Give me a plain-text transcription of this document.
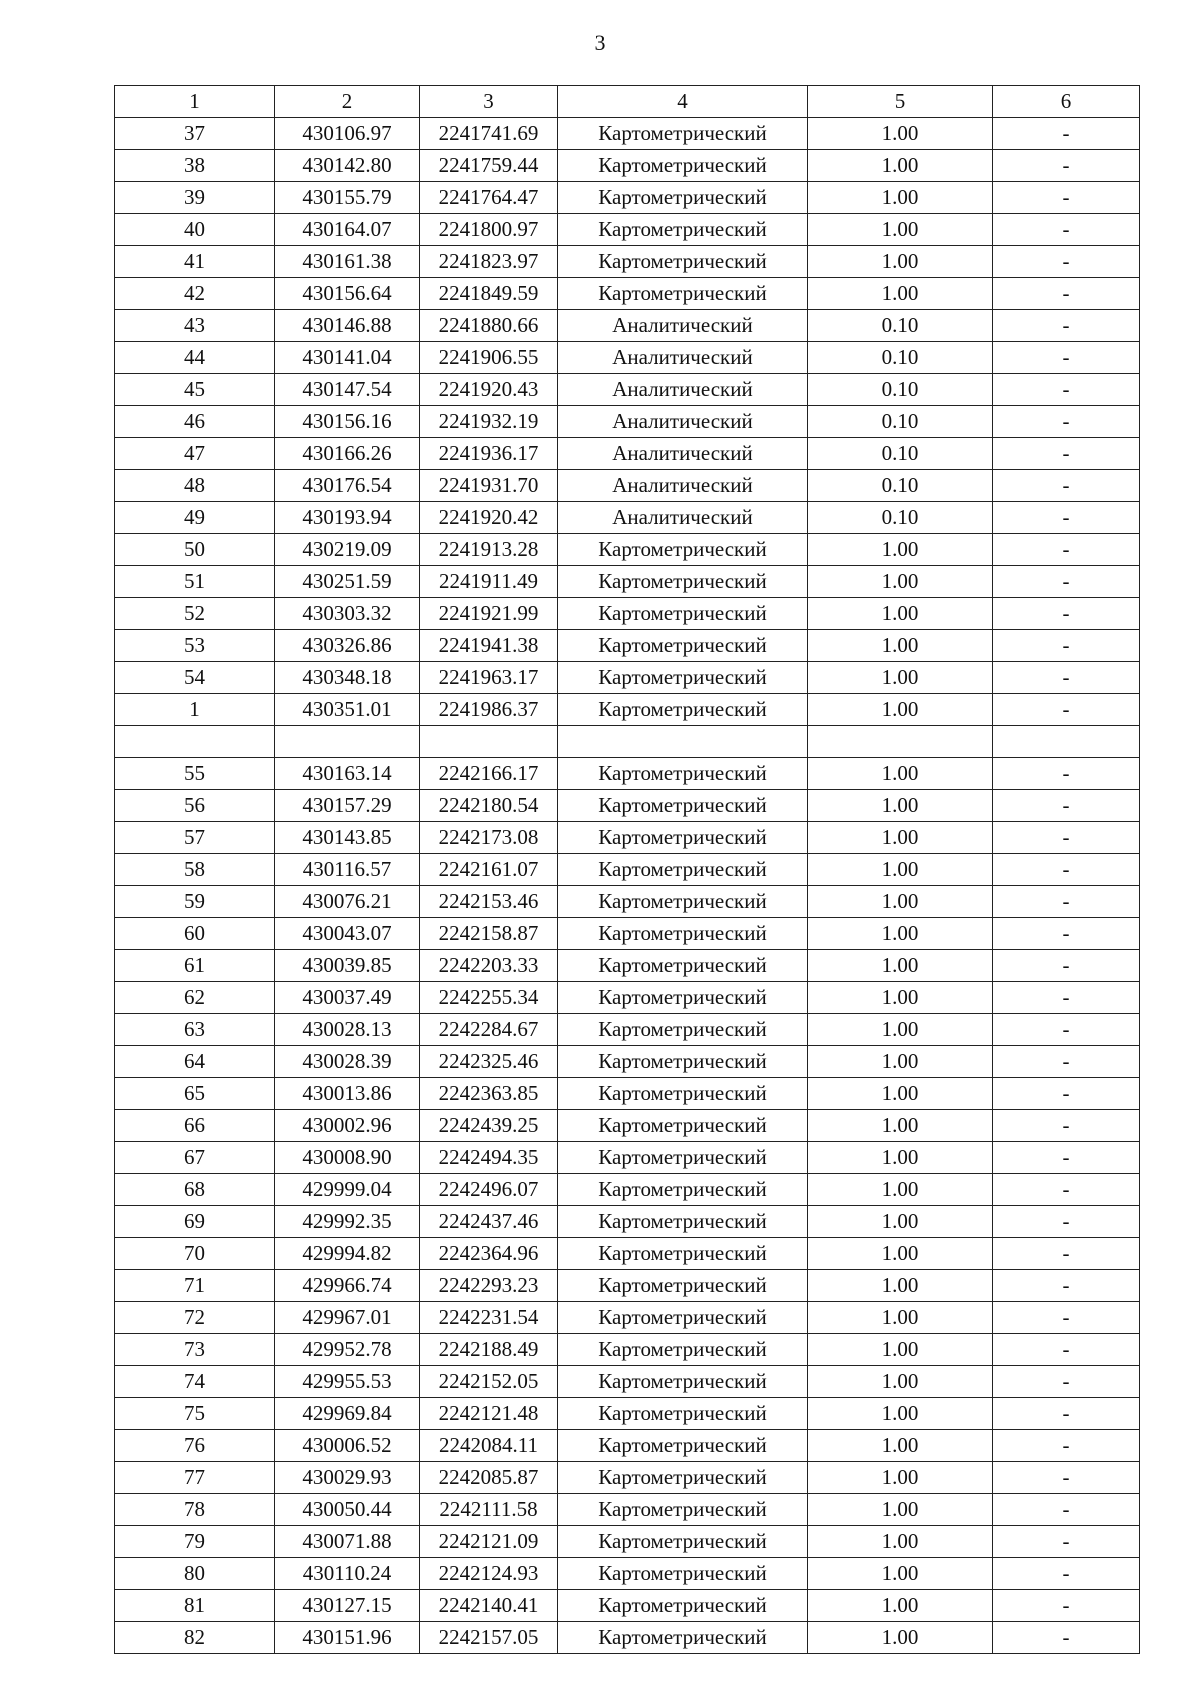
3
1	2	3	4	5	6
37	430106.97	2241741.69	Картометрический	1.00	-
38	430142.80	2241759.44	Картометрический	1.00	-
39	430155.79	2241764.47	Картометрический	1.00	-
40	430164.07	2241800.97	Картометрический	1.00	-
41	430161.38	2241823.97	Картометрический	1.00	-
42	430156.64	2241849.59	Картометрический	1.00	-
43	430146.88	2241880.66	Аналитический	0.10	-
44	430141.04	2241906.55	Аналитический	0.10	-
45	430147.54	2241920.43	Аналитический	0.10	-
46	430156.16	2241932.19	Аналитический	0.10	-
47	430166.26	2241936.17	Аналитический	0.10	-
48	430176.54	2241931.70	Аналитический	0.10	-
49	430193.94	2241920.42	Аналитический	0.10	-
50	430219.09	2241913.28	Картометрический	1.00	-
51	430251.59	2241911.49	Картометрический	1.00	-
52	430303.32	2241921.99	Картометрический	1.00	-
53	430326.86	2241941.38	Картометрический	1.00	-
54	430348.18	2241963.17	Картометрический	1.00	-
1	430351.01	2241986.37	Картометрический	1.00	-

55	430163.14	2242166.17	Картометрический	1.00	-
56	430157.29	2242180.54	Картометрический	1.00	-
57	430143.85	2242173.08	Картометрический	1.00	-
58	430116.57	2242161.07	Картометрический	1.00	-
59	430076.21	2242153.46	Картометрический	1.00	-
60	430043.07	2242158.87	Картометрический	1.00	-
61	430039.85	2242203.33	Картометрический	1.00	-
62	430037.49	2242255.34	Картометрический	1.00	-
63	430028.13	2242284.67	Картометрический	1.00	-
64	430028.39	2242325.46	Картометрический	1.00	-
65	430013.86	2242363.85	Картометрический	1.00	-
66	430002.96	2242439.25	Картометрический	1.00	-
67	430008.90	2242494.35	Картометрический	1.00	-
68	429999.04	2242496.07	Картометрический	1.00	-
69	429992.35	2242437.46	Картометрический	1.00	-
70	429994.82	2242364.96	Картометрический	1.00	-
71	429966.74	2242293.23	Картометрический	1.00	-
72	429967.01	2242231.54	Картометрический	1.00	-
73	429952.78	2242188.49	Картометрический	1.00	-
74	429955.53	2242152.05	Картометрический	1.00	-
75	429969.84	2242121.48	Картометрический	1.00	-
76	430006.52	2242084.11	Картометрический	1.00	-
77	430029.93	2242085.87	Картометрический	1.00	-
78	430050.44	2242111.58	Картометрический	1.00	-
79	430071.88	2242121.09	Картометрический	1.00	-
80	430110.24	2242124.93	Картометрический	1.00	-
81	430127.15	2242140.41	Картометрический	1.00	-
82	430151.96	2242157.05	Картометрический	1.00	-
